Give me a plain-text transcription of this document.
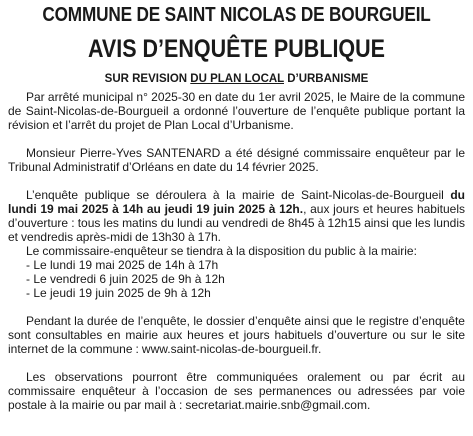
COMMUNE DE SAINT NICOLAS DE BOURGUEIL
AVIS D’ENQUÊTE PUBLIQUE
SUR REVISION DU PLAN LOCAL D’URBANISME

Par arrêté municipal n° 2025-30 en date du 1er avril 2025, le Maire de la commune de Saint-Nicolas-de-Bourgueil a ordonné l’ouverture de l’enquête publique portant la révision et l’arrêt du projet de Plan Local d’Urbanisme.

Monsieur Pierre-Yves SANTENARD a été désigné commissaire enquêteur par le Tribunal Administratif d’Orléans en date du 14 février 2025.

L’enquête publique se déroulera à la mairie de Saint-Nicolas-de-Bourgueil du lundi 19 mai 2025 à 14h au jeudi 19 juin 2025 à 12h., aux jours et heures habituels d’ouverture : tous les matins du lundi au vendredi de 8h45 à 12h15 ainsi que les lundis et vendredis après-midi de 13h30 à 17h.

Le commissaire-enquêteur se tiendra à la disposition du public à la mairie:

- Le lundi 19 mai 2025 de 14h à 17h
- Le vendredi 6 juin 2025 de 9h à 12h
- Le jeudi 19 juin 2025 de 9h à 12h

Pendant la durée de l’enquête, le dossier d’enquête ainsi que le registre d’enquête sont consultables en mairie aux heures et jours habituels d’ouverture ou sur le site internet de la commune : www.saint-nicolas-de-bourgueil.fr.

Les observations pourront être communiquées oralement ou par écrit au commissaire enquêteur à l’occasion de ses permanences ou adressées par voie postale à la mairie ou par mail à : secretariat.mairie.snb@gmail.com.
